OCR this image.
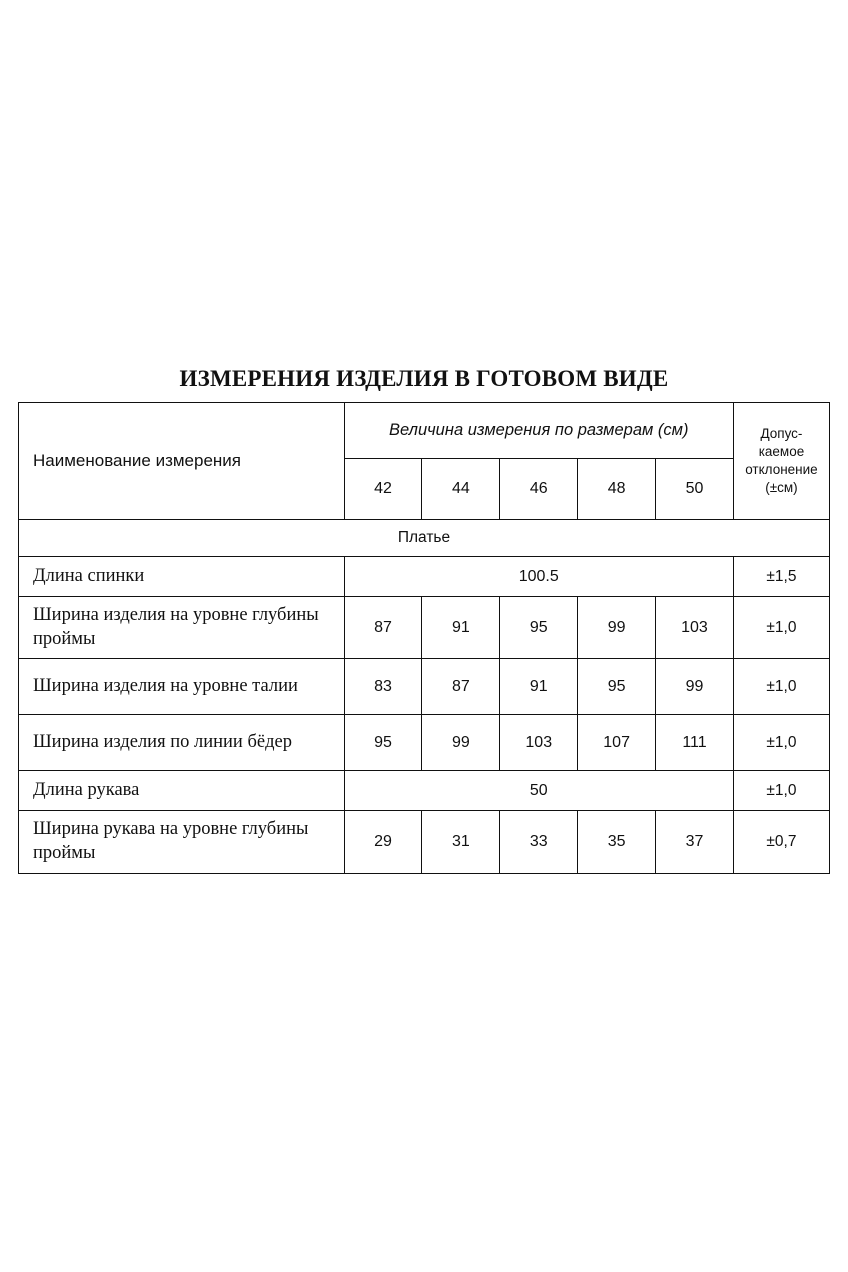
ИЗМЕРЕНИЯ ИЗДЕЛИЯ В ГОТОВОМ ВИДЕ
Наименование измерения	Величина измерения по размерам (см)					Допус-
каемое
отклонение
(±см)

	42	44	46	48	50	
Платье						
Длина спинки	100.5					±1,5
Ширина изделия на уровне глубины проймы	87	91	95	99	103	±1,0
Ширина изделия на уровне талии	83	87	91	95	99	±1,0
Ширина изделия по линии бёдер	95	99	103	107	111	±1,0
Длина рукава	50					±1,0
Ширина рукава на уровне глубины проймы	29	31	33	35	37	±0,7
